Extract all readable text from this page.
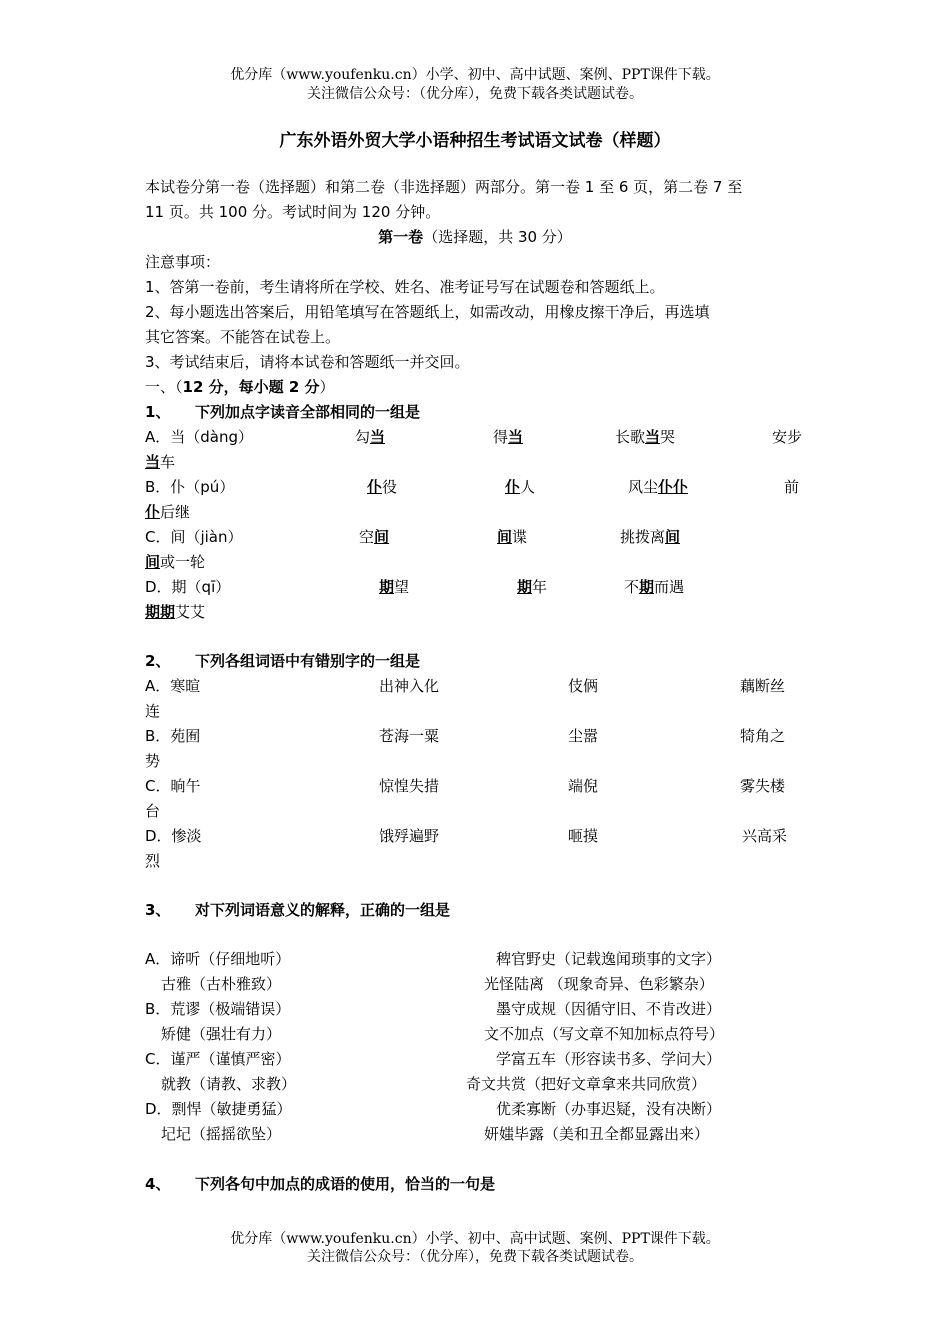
优分库（www.youfenku.cn）小学、初中、高中试题、案例、PPT课件下载。
关注微信公众号：（优分库），免费下载各类试题试卷。
广东外语外贸大学小语种招生考试语文试卷（样题）
本试卷分第一卷（选择题）和第二卷（非选择题）两部分。第一卷 1 至 6 页，第二卷 7 至
11 页。共 100 分。考试时间为 120 分钟。
第一卷（选择题，共 30 分）
注意事项：
1、答第一卷前，考生请将所在学校、姓名、准考证号写在试题卷和答题纸上。
2、每小题选出答案后，用铅笔填写在答题纸上，如需改动，用橡皮擦干净后，再选填
其它答案。不能答在试卷上。
3、考试结束后，请将本试卷和答题纸一并交回。
一、（12 分，每小题 2 分）
1、 下列加点字读音全部相同的一组是
A．当（dàng）	勾当	得当	长歌当哭	安步
当车
B．仆（pú）	仆役	仆人	风尘仆仆	前
仆后继
C．间（jiàn）	空间	间谍	挑拨离间
间或一轮
D．期（qī）	期望	期年	不期而遇
期期艾艾
2、 下列各组词语中有错别字的一组是
A．寒暄	出神入化	伎俩	藕断丝
连
B．苑囿	苍海一粟	尘嚣	犄角之
势
C．晌午	惊惶失措	端倪	雾失楼
台
D．惨淡	饿殍遍野	咂摸	兴高采
烈
3、 对下列词语意义的解释，正确的一组是
A．谛听（仔细地听）	稗官野史（记载逸闻琐事的文字）
古雅（古朴雅致）	光怪陆离 （现象奇异、色彩繁杂）
B．荒谬（极端错误）	墨守成规（因循守旧、不肯改进）
矫健（强壮有力）	文不加点（写文章不知加标点符号）
C．谨严（谨慎严密）	学富五车（形容读书多、学问大）
就教（请教、求教）	奇文共赏（把好文章拿来共同欣赏）
D．剽悍（敏捷勇猛）	优柔寡断（办事迟疑，没有决断）
圮圮（摇摇欲坠）	妍媸毕露（美和丑全都显露出来）
4、 下列各句中加点的成语的使用，恰当的一句是
优分库（www.youfenku.cn）小学、初中、高中试题、案例、PPT课件下载。
关注微信公众号：（优分库），免费下载各类试题试卷。
